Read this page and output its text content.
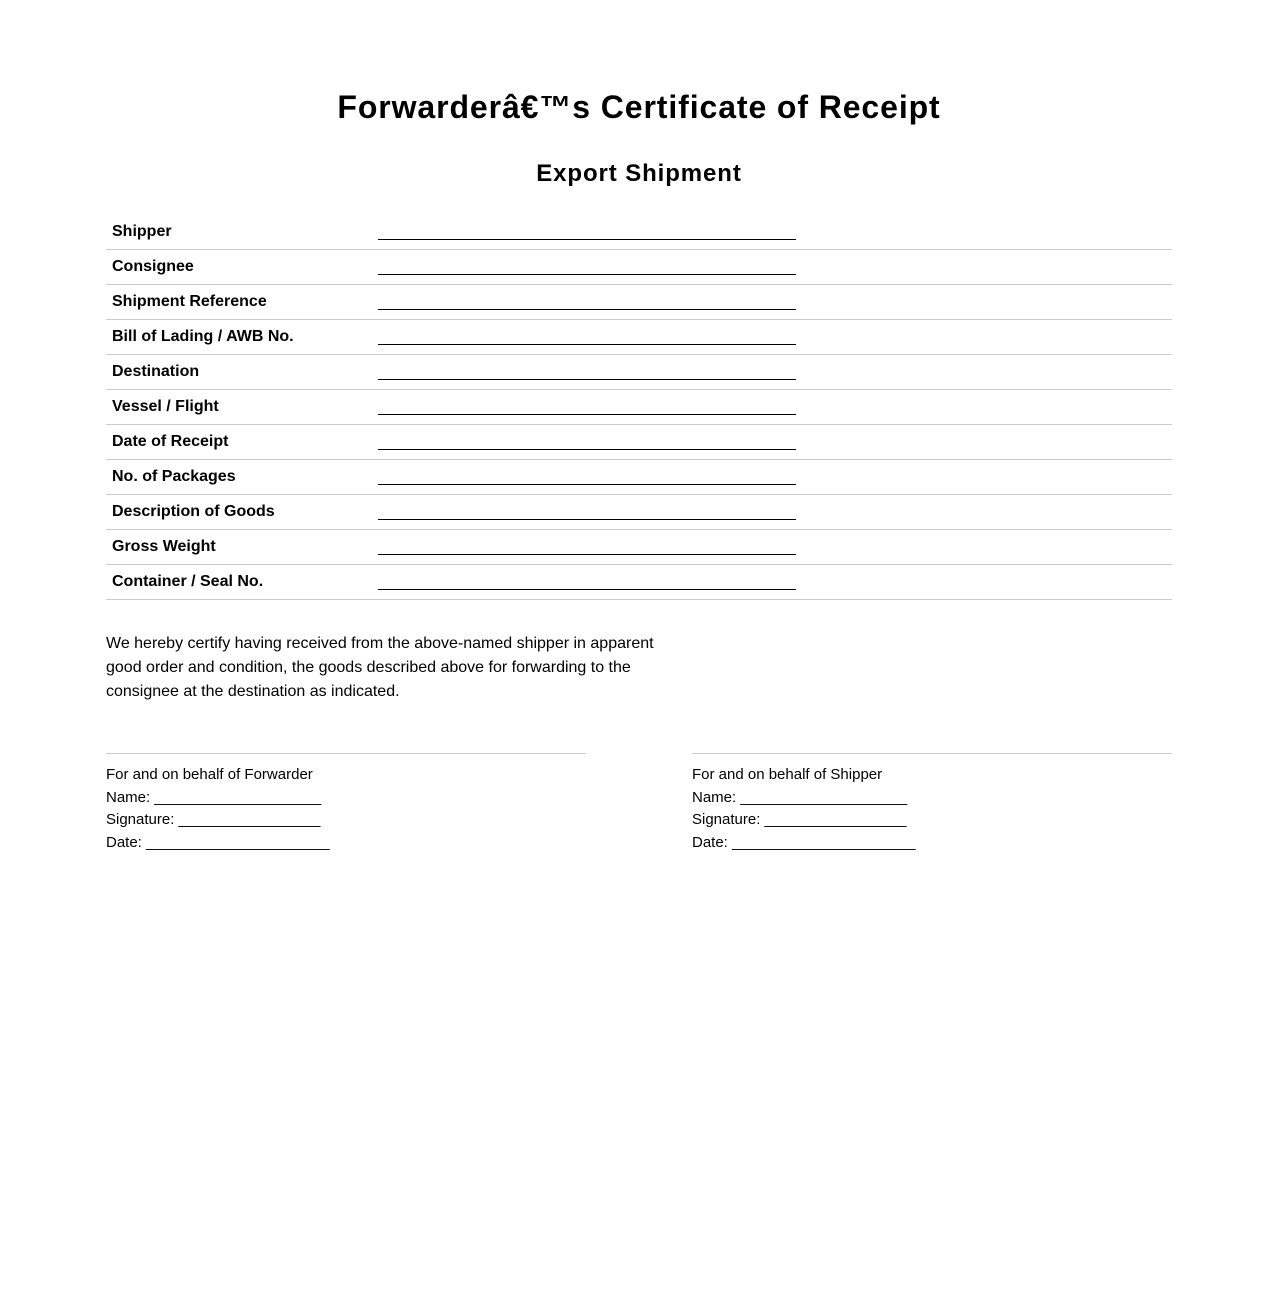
Forwarderâ€™s Certificate of Receipt
Export Shipment
Shipper
Consignee
Shipment Reference
Bill of Lading / AWB No.
Destination
Vessel / Flight
Date of Receipt
No. of Packages
Description of Goods
Gross Weight
Container / Seal No.

We hereby certify having received from the above-named shipper in apparent good order and condition, the goods described above for forwarding to the consignee at the destination as indicated.

For and on behalf of Forwarder
Name: ____________________
Signature: _________________
Date: ______________________
For and on behalf of Shipper
Name: ____________________
Signature: _________________
Date: ______________________
